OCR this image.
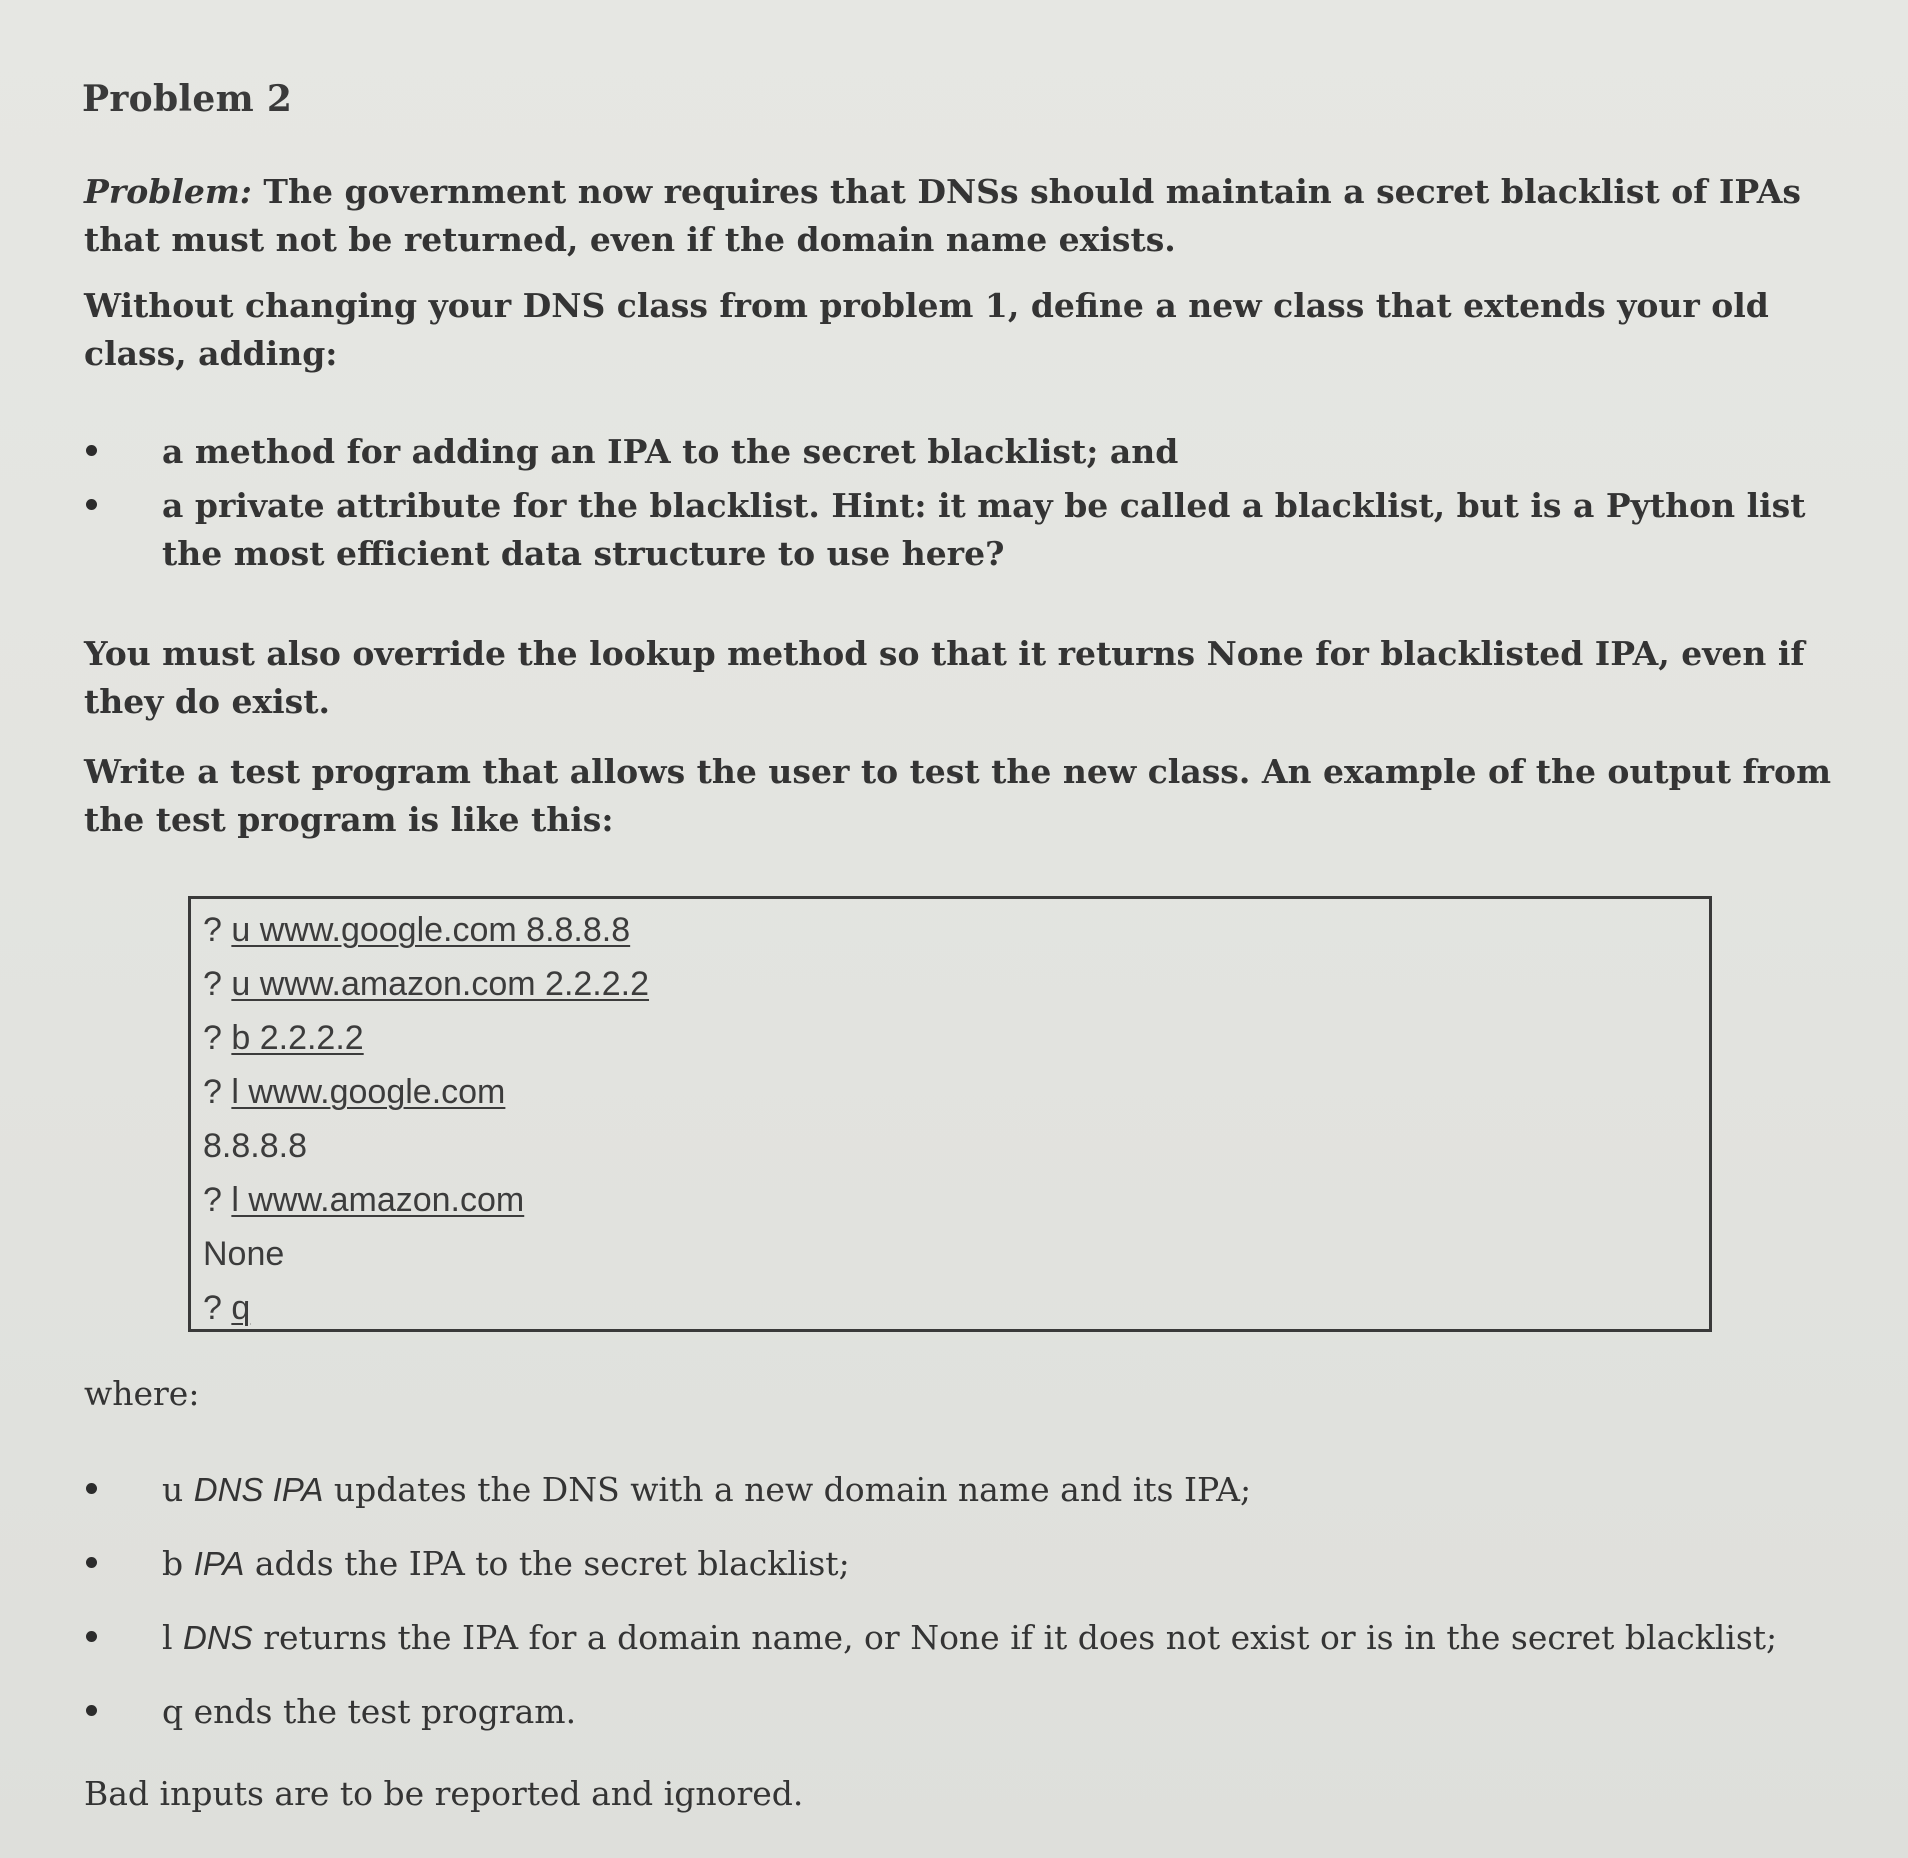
Problem 2
Problem: The government now requires that DNSs should maintain a secret blacklist of IPAs that must not be returned, even if the domain name exists.
Without changing your DNS class from problem 1, define a new class that extends your old class, adding:
a method for adding an IPA to the secret blacklist; and
a private attribute for the blacklist. Hint: it may be called a blacklist, but is a Python list the most efficient data structure to use here?
You must also override the lookup method so that it returns None for blacklisted IPA, even if they do exist.
Write a test program that allows the user to test the new class. An example of the output from the test program is like this:
? u www.google.com 8.8.8.8
? u www.amazon.com 2.2.2.2
? b 2.2.2.2
? l www.google.com
8.8.8.8
? l www.amazon.com
None
? q
where:
u DNS IPA updates the DNS with a new domain name and its IPA;
b IPA adds the IPA to the secret blacklist;
l DNS returns the IPA for a domain name, or None if it does not exist or is in the secret blacklist;
q ends the test program.
Bad inputs are to be reported and ignored.
